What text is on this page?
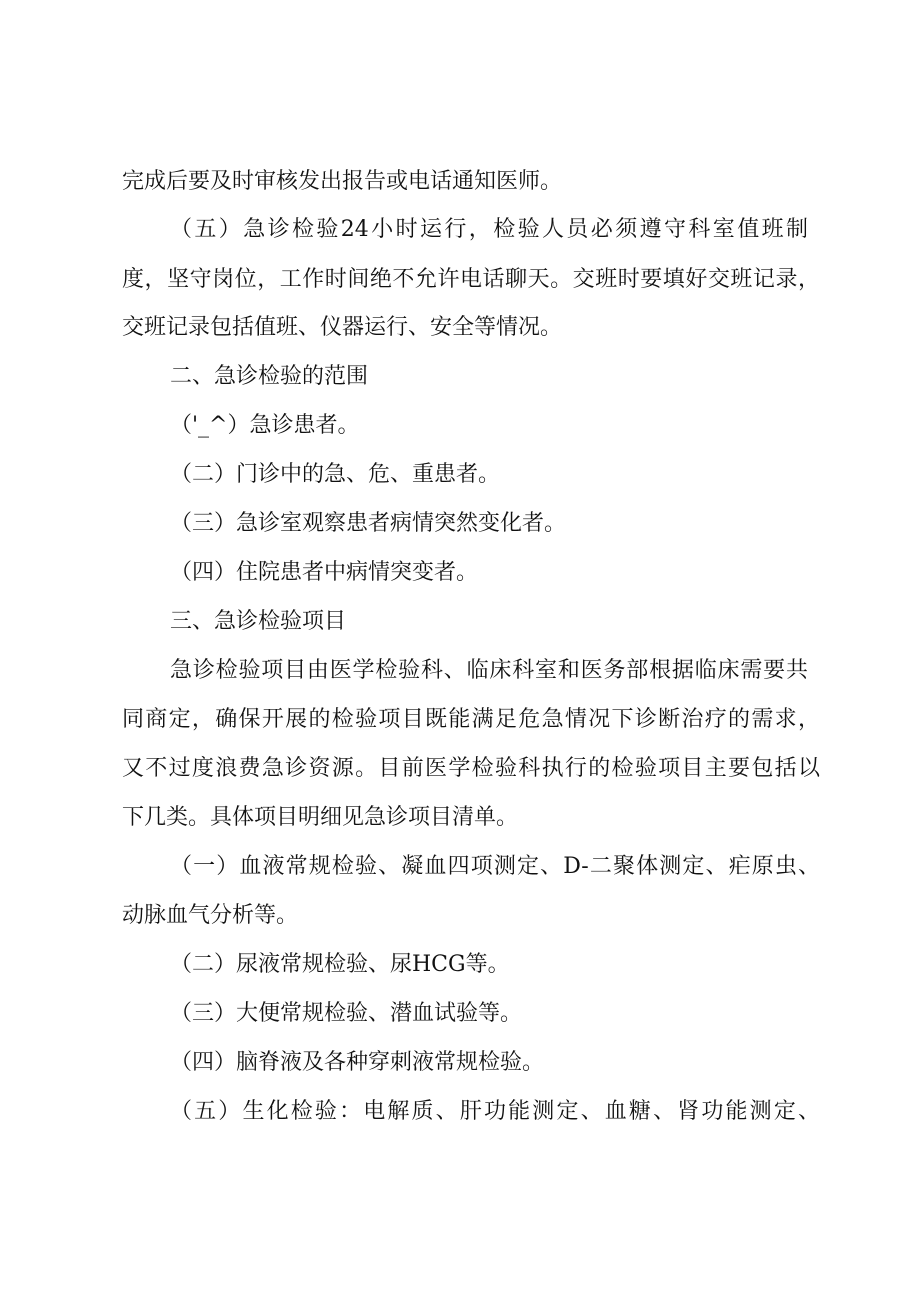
完成后要及时审核发出报告或电话通知医师。
（五）急诊检验24小时运行，检验人员必须遵守科室值班制
度，坚守岗位，工作时间绝不允许电话聊天。交班时要填好交班记录，
交班记录包括值班、仪器运行、安全等情况。
二、急诊检验的范围
（'_^）急诊患者。
（二）门诊中的急、危、重患者。
（三）急诊室观察患者病情突然变化者。
（四）住院患者中病情突变者。
三、急诊检验项目
急诊检验项目由医学检验科、临床科室和医务部根据临床需要共
同商定，确保开展的检验项目既能满足危急情况下诊断治疗的需求，
又不过度浪费急诊资源。目前医学检验科执行的检验项目主要包括以
下几类。具体项目明细见急诊项目清单。
（一）血液常规检验、凝血四项测定、D-二聚体测定、疟原虫、
动脉血气分析等。
（二）尿液常规检验、尿HCG等。
（三）大便常规检验、潜血试验等。
（四）脑脊液及各种穿刺液常规检验。
（五）生化检验：电解质、肝功能测定、血糖、肾功能测定、
